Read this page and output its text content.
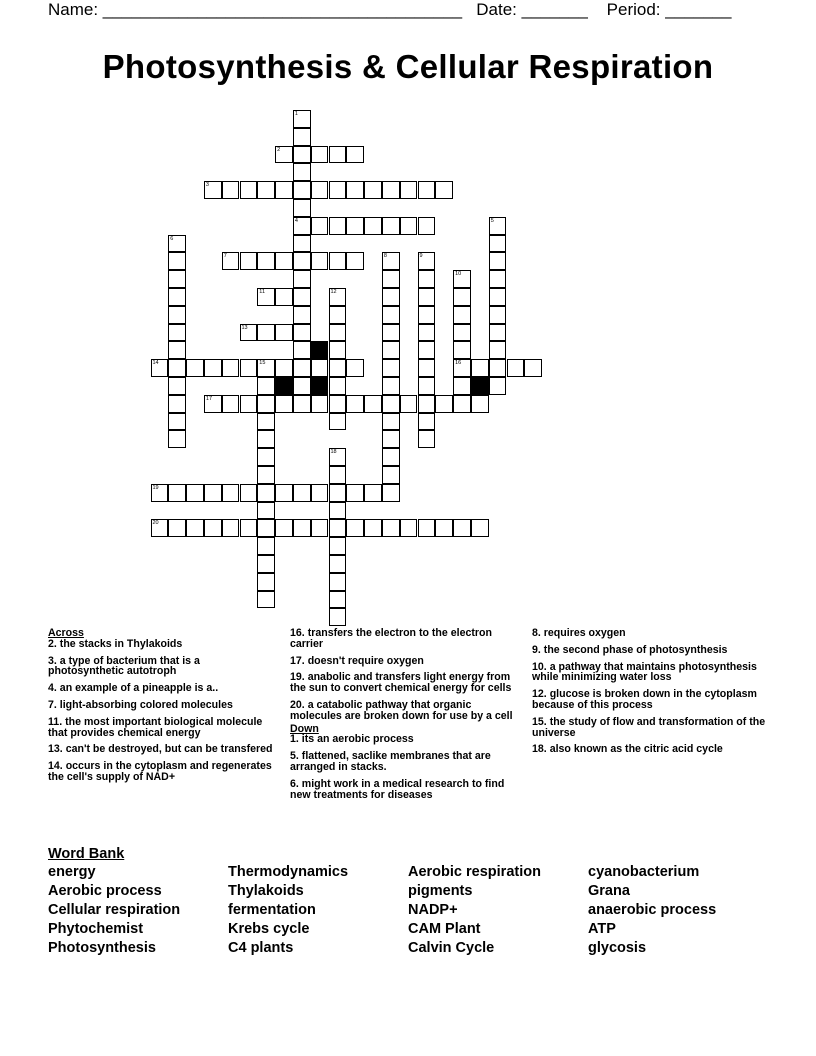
Name: ______________________________________   Date: _______    Period: _______
Photosynthesis & Cellular Respiration
1
4
2
3
5
6
7	8	9
10
16
11	12
13
14	15
17
18
19
20
Across
2. the stacks in Thylakoids
3. a type of bacterium that is a photosynthetic autotroph
4. an example of a pineapple is a..
7. light-absorbing colored molecules
11. the most important biological molecule that provides chemical energy
13. can't be destroyed, but can be transfered
14. occurs in the cytoplasm and regenerates the cell's supply of NAD+
16. transfers the electron to the electron carrier
17. doesn't require oxygen
19. anabolic and transfers light energy from the sun to convert chemical energy for cells
20. a catabolic pathway that organic molecules are broken down for use by a cell
Down
1. its an aerobic process
5. flattened, saclike membranes that are arranged in stacks.
6. might work in a medical research to find new treatments for diseases
8. requires oxygen
9. the second phase of photosynthesis
10. a pathway that maintains photosynthesis while minimizing water loss
12. glucose is broken down in the cytoplasm because of this process
15. the study of flow and transformation of the universe
18. also known as the citric acid cycle
Word Bank
energy
Aerobic process
Cellular respiration
Phytochemist
Photosynthesis
Thermodynamics
Thylakoids
fermentation
Krebs cycle
C4 plants
Aerobic respiration
pigments
NADP+
CAM Plant
Calvin Cycle
cyanobacterium
Grana
anaerobic process
ATP
glycosis
